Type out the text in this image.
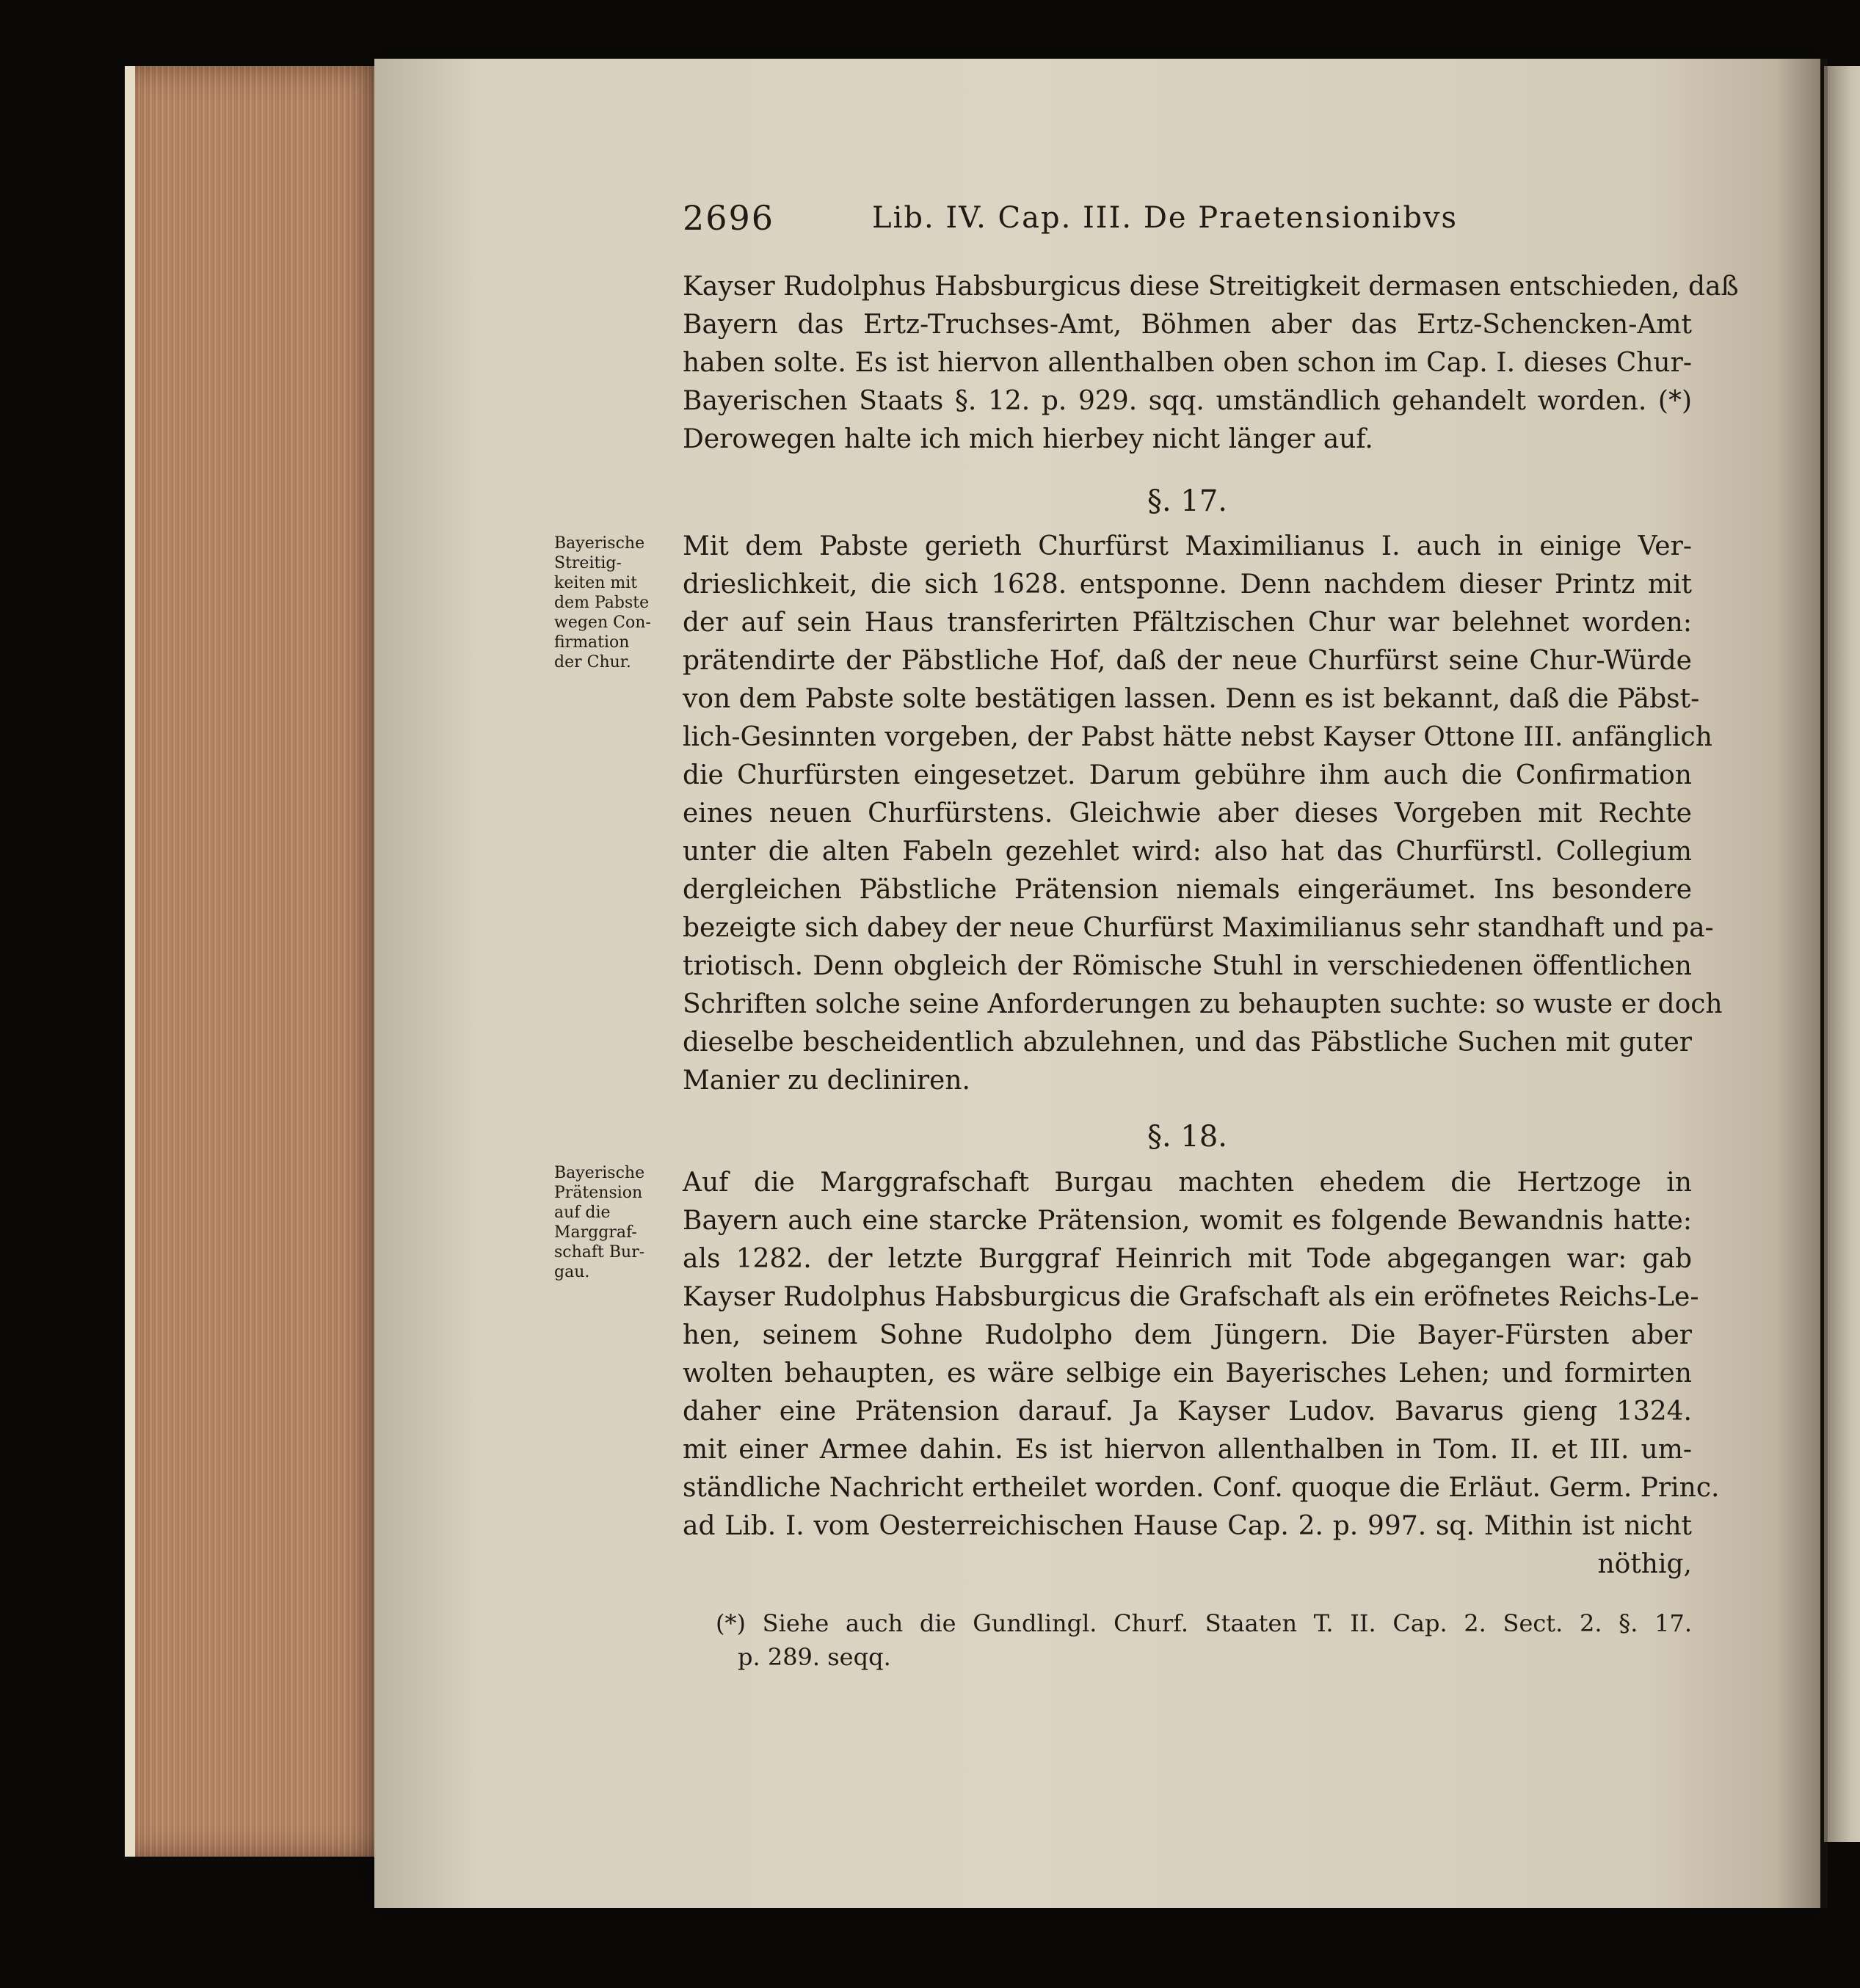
2696	Lib. IV. Cap. III. De Praetensionibvs
Kayser Rudolphus Habsburgicus diese Streitigkeit dermasen entschieden, daß
Bayern das Ertz-Truchses-Amt, Böhmen aber das Ertz-Schencken-Amt
haben solte. Es ist hiervon allenthalben oben schon im Cap. I. dieses Chur-
Bayerischen Staats §. 12. p. 929. sqq. umständlich gehandelt worden. (*)
Derowegen halte ich mich hierbey nicht länger auf.
§. 17.
Mit dem Pabste gerieth Churfürst Maximilianus I. auch in einige Ver-
drieslichkeit, die sich 1628. entsponne. Denn nachdem dieser Printz mit
der auf sein Haus transferirten Pfältzischen Chur war belehnet worden:
prätendirte der Päbstliche Hof, daß der neue Churfürst seine Chur-Würde
von dem Pabste solte bestätigen lassen. Denn es ist bekannt, daß die Päbst-
lich-Gesinnten vorgeben, der Pabst hätte nebst Kayser Ottone III. anfänglich
die Churfürsten eingesetzet. Darum gebühre ihm auch die Confirmation
eines neuen Churfürstens. Gleichwie aber dieses Vorgeben mit Rechte
unter die alten Fabeln gezehlet wird: also hat das Churfürstl. Collegium
dergleichen Päbstliche Prätension niemals eingeräumet. Ins besondere
bezeigte sich dabey der neue Churfürst Maximilianus sehr standhaft und pa-
triotisch. Denn obgleich der Römische Stuhl in verschiedenen öffentlichen
Schriften solche seine Anforderungen zu behaupten suchte: so wuste er doch
dieselbe bescheidentlich abzulehnen, und das Päbstliche Suchen mit guter
Manier zu decliniren.
§. 18.
Auf die Marggrafschaft Burgau machten ehedem die Hertzoge in
Bayern auch eine starcke Prätension, womit es folgende Bewandnis hatte:
als 1282. der letzte Burggraf Heinrich mit Tode abgegangen war: gab
Kayser Rudolphus Habsburgicus die Grafschaft als ein eröfnetes Reichs-Le-
hen, seinem Sohne Rudolpho dem Jüngern. Die Bayer-Fürsten aber
wolten behaupten, es wäre selbige ein Bayerisches Lehen; und formirten
daher eine Prätension darauf. Ja Kayser Ludov. Bavarus gieng 1324.
mit einer Armee dahin. Es ist hiervon allenthalben in Tom. II. et III. um-
ständliche Nachricht ertheilet worden. Conf. quoque die Erläut. Germ. Princ.
ad Lib. I. vom Oesterreichischen Hause Cap. 2. p. 997. sq. Mithin ist nicht
nöthig,
(*) Siehe auch die Gundlingl. Churf. Staaten T. II. Cap. 2. Sect. 2. §. 17.
p. 289. seqq.
Bayerische
Streitig-
keiten mit
dem Pabste
wegen Con-
firmation
der Chur.
Bayerische
Prätension
auf die
Marggraf-
schaft Bur-
gau.
